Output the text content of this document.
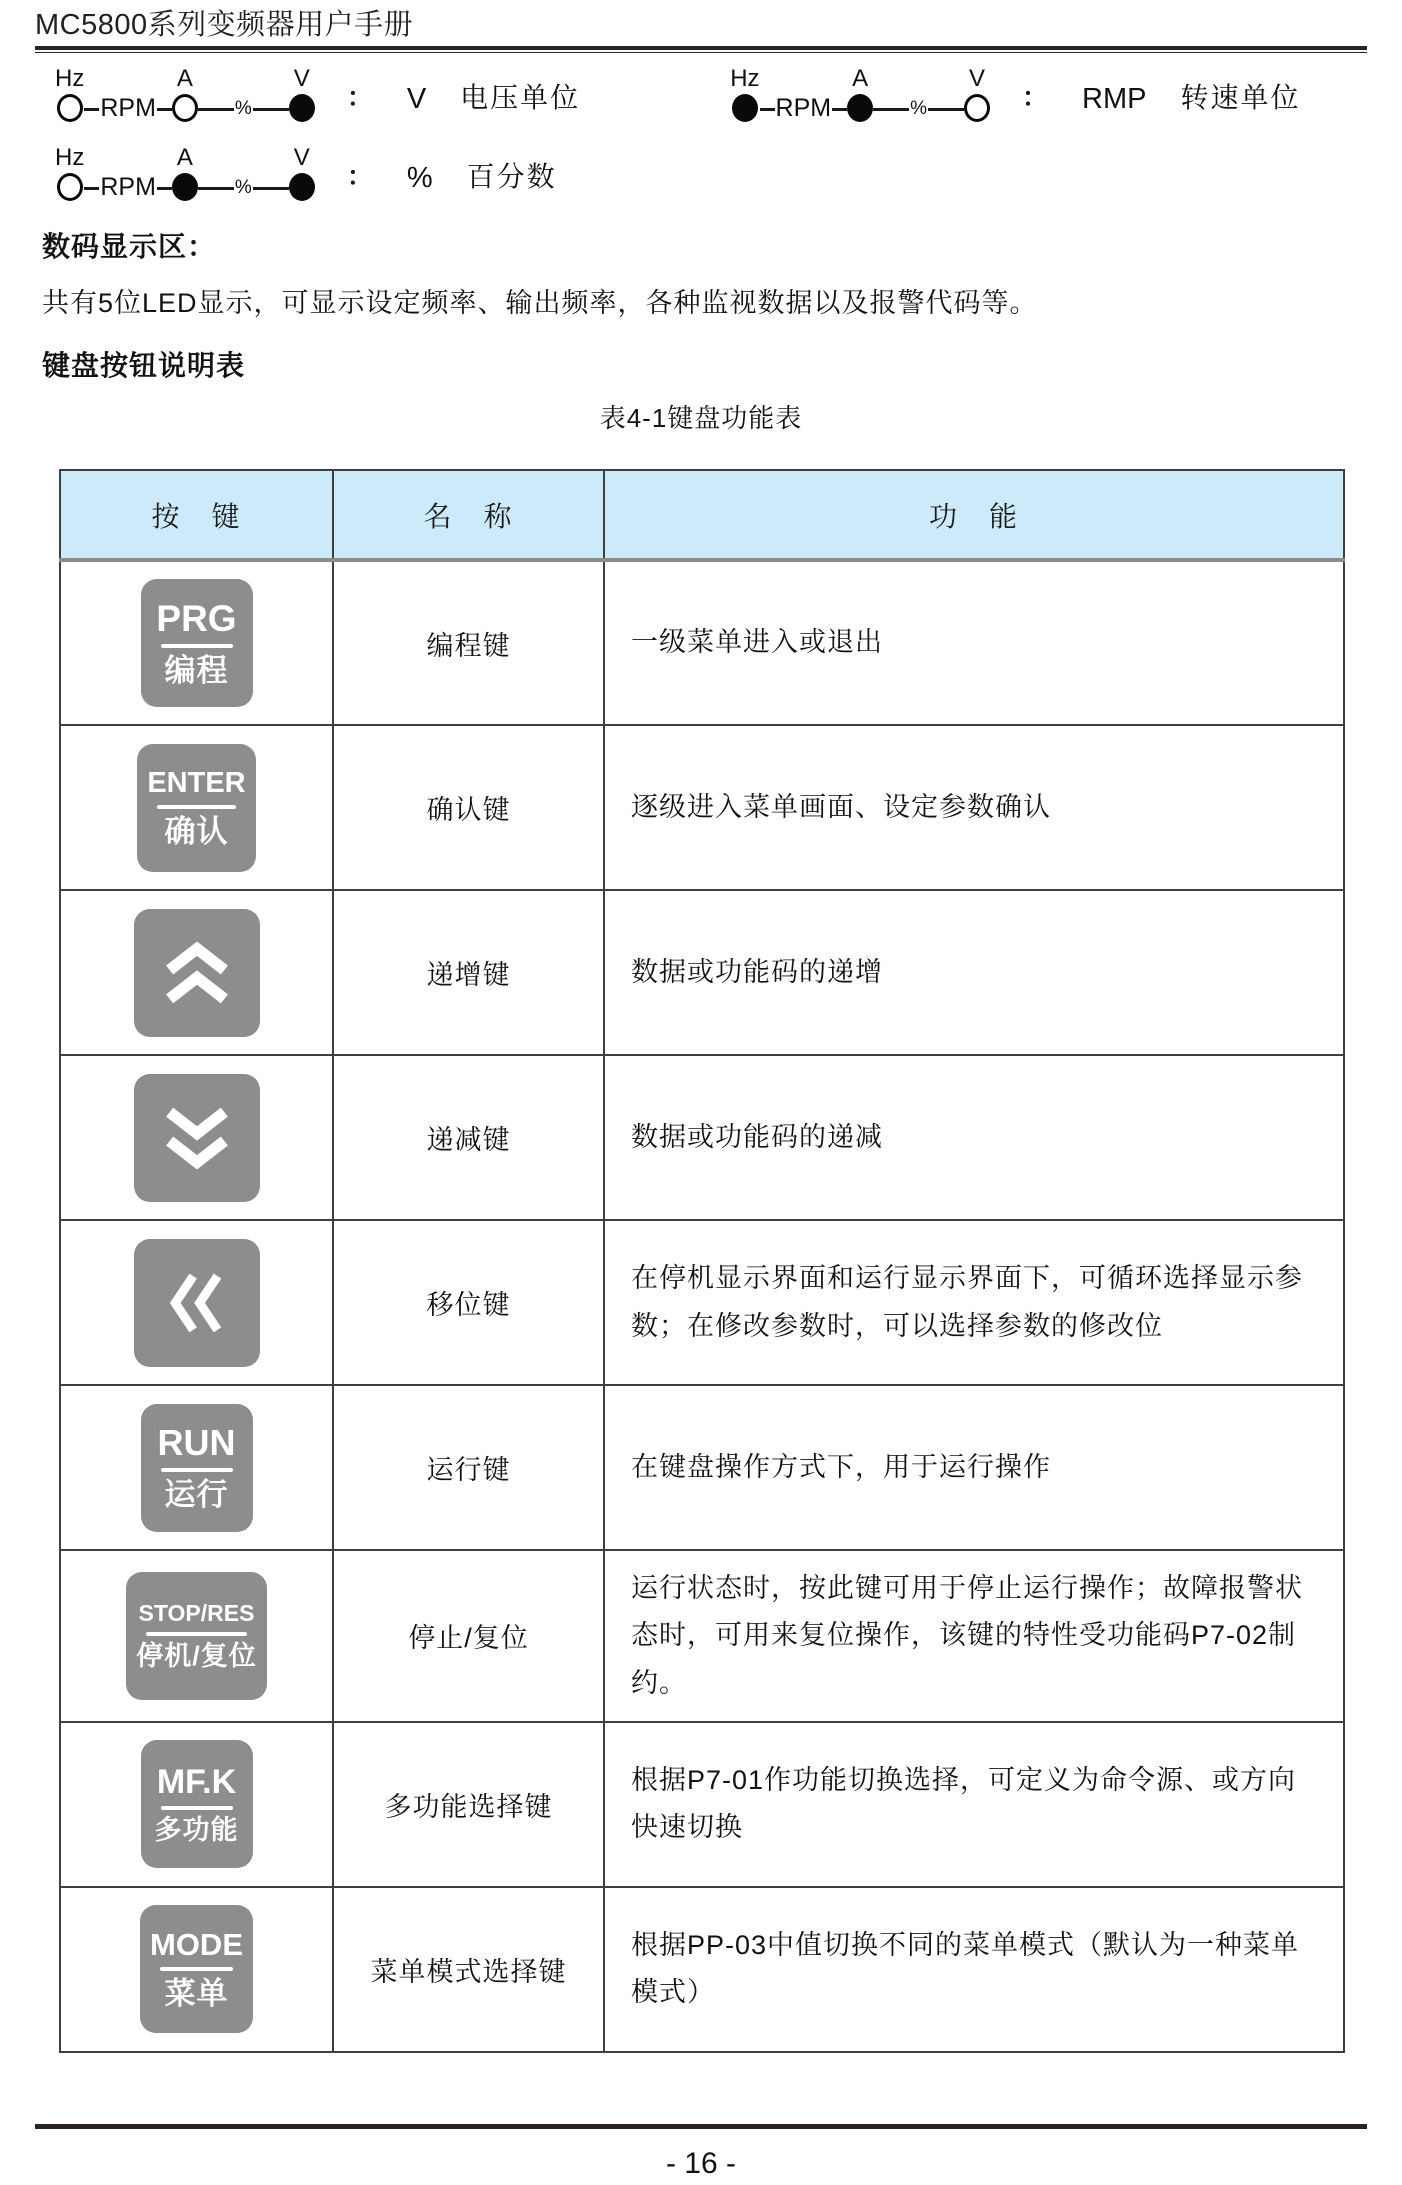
MC5800系列变频器用户手册
Hz
RPM
A
%
V
： V 电压单位
Hz
RPM
A
%
V
： RMP 转速单位
Hz
RPM
A
%
V
： % 百分数
数码显示区：
共有5位LED显示，可显示设定频率、输出频率，各种监视数据以及报警代码等。
键盘按钮说明表
表4-1键盘功能表
按　键	名　称	功　能

PRG
编程	编程键	一级菜单进入或退出

ENTER
确认	确认键	逐级进入菜单画面、设定参数确认

	递增键	数据或功能码的递增

	递减键	数据或功能码的递减

	移位键	在停机显示界面和运行显示界面下，可循环选择显示参数；在修改参数时，可以选择参数的修改位

RUN
运行	运行键	在键盘操作方式下，用于运行操作

STOP/RES
停机/复位	停止/复位	运行状态时，按此键可用于停止运行操作；故障报警状态时，可用来复位操作，该键的特性受功能码P7-02制约。

MF.K
多功能	多功能选择键	根据P7-01作功能切换选择，可定义为命令源、或方向快速切换

MODE
菜单	菜单模式选择键	根据PP-03中值切换不同的菜单模式（默认为一种菜单模式）
- 16 -
